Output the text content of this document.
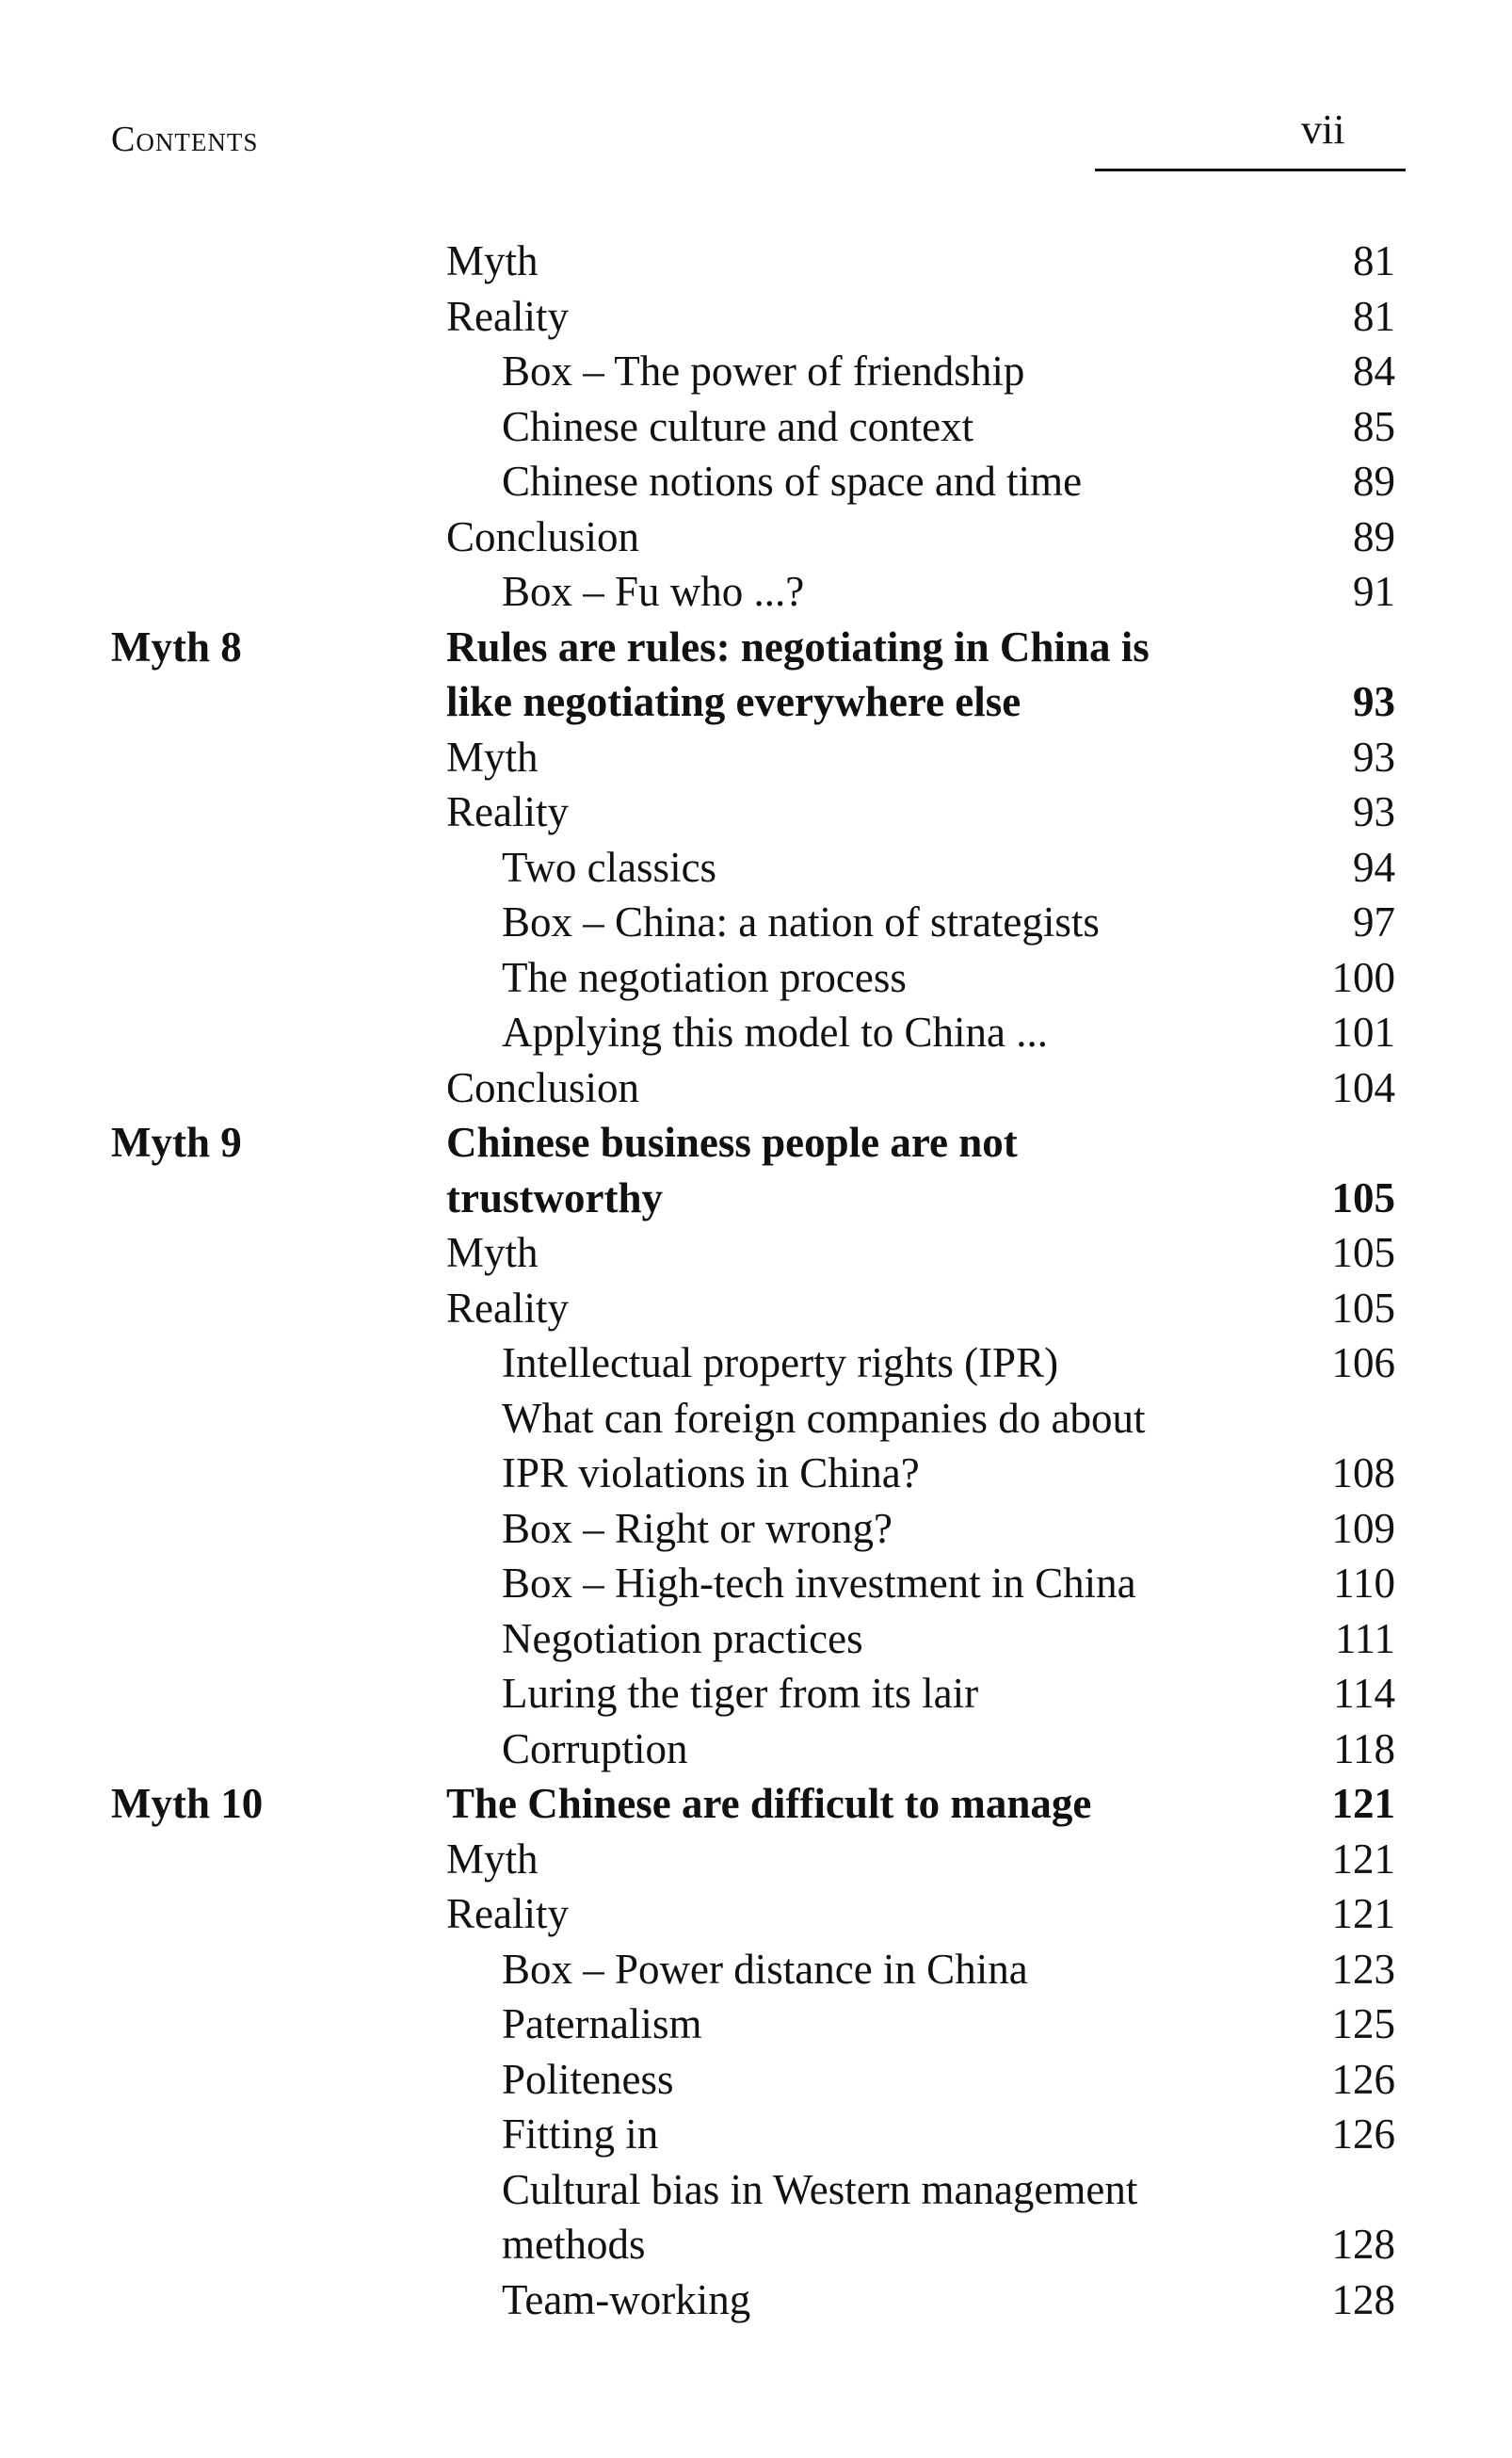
Contents	vii
Myth	81
Reality	81
Box – The power of friendship	84
Chinese culture and context	85
Chinese notions of space and time	89
Conclusion	89
Box – Fu who ...?	91
Myth 8	Rules are rules: negotiating in China is
like negotiating everywhere else	93
Myth	93
Reality	93
Two classics	94
Box – China: a nation of strategists	97
The negotiation process	100
Applying this model to China ...	101
Conclusion	104
Myth 9	Chinese business people are not
trustworthy	105
Myth	105
Reality	105
Intellectual property rights (IPR)	106
What can foreign companies do about
IPR violations in China?	108
Box – Right or wrong?	109
Box – High-tech investment in China	110
Negotiation practices	111
Luring the tiger from its lair	114
Corruption	118
Myth 10	The Chinese are difficult to manage	121
Myth	121
Reality	121
Box – Power distance in China	123
Paternalism	125
Politeness	126
Fitting in	126
Cultural bias in Western management
methods	128
Team-working	128
